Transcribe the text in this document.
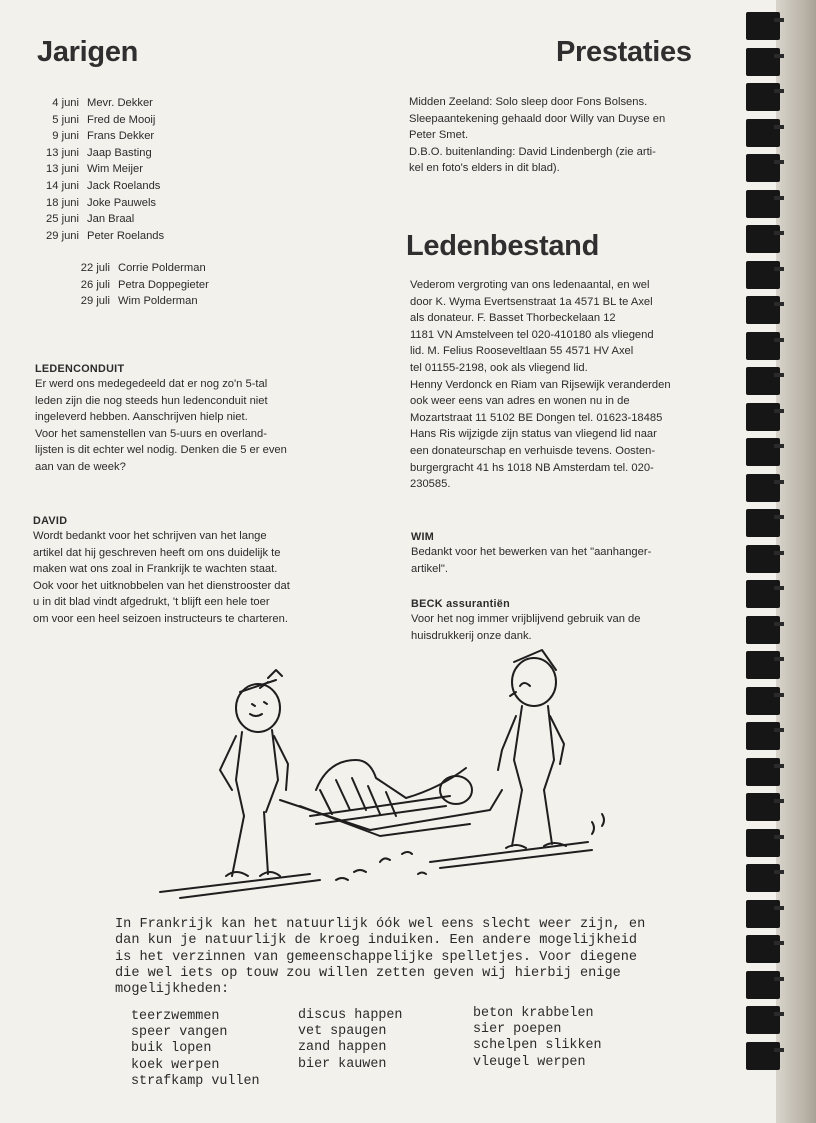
Jarigen
4 juni Mevr. Dekker
5 juni Fred de Mooij
9 juni Frans Dekker
13 juni Jaap Basting
13 juni Wim Meijer
14 juni Jack Roelands
18 juni Joke Pauwels
25 juni Jan Braal
29 juni Peter Roelands
22 juli Corrie Polderman
26 juli Petra Doppegieter
29 juli Wim Polderman
LEDENCONDUIT

Er werd ons medegedeeld dat er nog zo'n 5-tal

leden zijn die nog steeds hun ledenconduit niet

ingeleverd hebben. Aanschrijven hielp niet.

Voor het samenstellen van 5-uurs en overland-

lijsten is dit echter wel nodig. Denken die 5 er even

aan van de week?

DAVID

Wordt bedankt voor het schrijven van het lange

artikel dat hij geschreven heeft om ons duidelijk te

maken wat ons zoal in Frankrijk te wachten staat.

Ook voor het uitknobbelen van het dienstrooster dat

u in dit blad vindt afgedrukt, 't blijft een hele toer

om voor een heel seizoen instructeurs te charteren.

Prestaties

Midden Zeeland: Solo sleep door Fons Bolsens.

Sleepaantekening gehaald door Willy van Duyse en

Peter Smet.

D.B.O. buitenlanding: David Lindenbergh (zie arti-

kel en foto's elders in dit blad).

Ledenbestand

Vederom vergroting van ons ledenaantal, en wel

door K. Wyma Evertsenstraat 1a 4571 BL te Axel

als donateur. F. Basset Thorbeckelaan 12

1181 VN Amstelveen tel 020-410180 als vliegend

lid. M. Felius Rooseveltlaan 55 4571 HV Axel

tel 01155-2198, ook als vliegend lid.

Henny Verdonck en Riam van Rijsewijk veranderden

ook weer eens van adres en wonen nu in de

Mozartstraat 11 5102 BE Dongen tel. 01623-18485

Hans Ris wijzigde zijn status van vliegend lid naar

een donateurschap en verhuisde tevens. Oosten-

burgergracht 41 hs 1018 NB Amsterdam tel. 020-

230585.

WIM

Bedankt voor het bewerken van het "aanhanger-

artikel".

BECK assurantiën

Voor het nog immer vrijblijvend gebruik van de

huisdrukkerij onze dank.

In Frankrijk kan het natuurlijk óók wel eens slecht weer zijn, en
dan kun je natuurlijk de kroeg induiken. Een andere mogelijkheid
is het verzinnen van gemeenschappelijke spelletjes. Voor diegene
die wel iets op touw zou willen zetten geven wij hierbij enige
mogelijkheden:
teerzwemmen
speer vangen
buik lopen
koek werpen
strafkamp vullen
discus happen
vet spaugen
zand happen
bier kauwen
beton krabbelen
sier poepen
schelpen slikken
vleugel werpen
